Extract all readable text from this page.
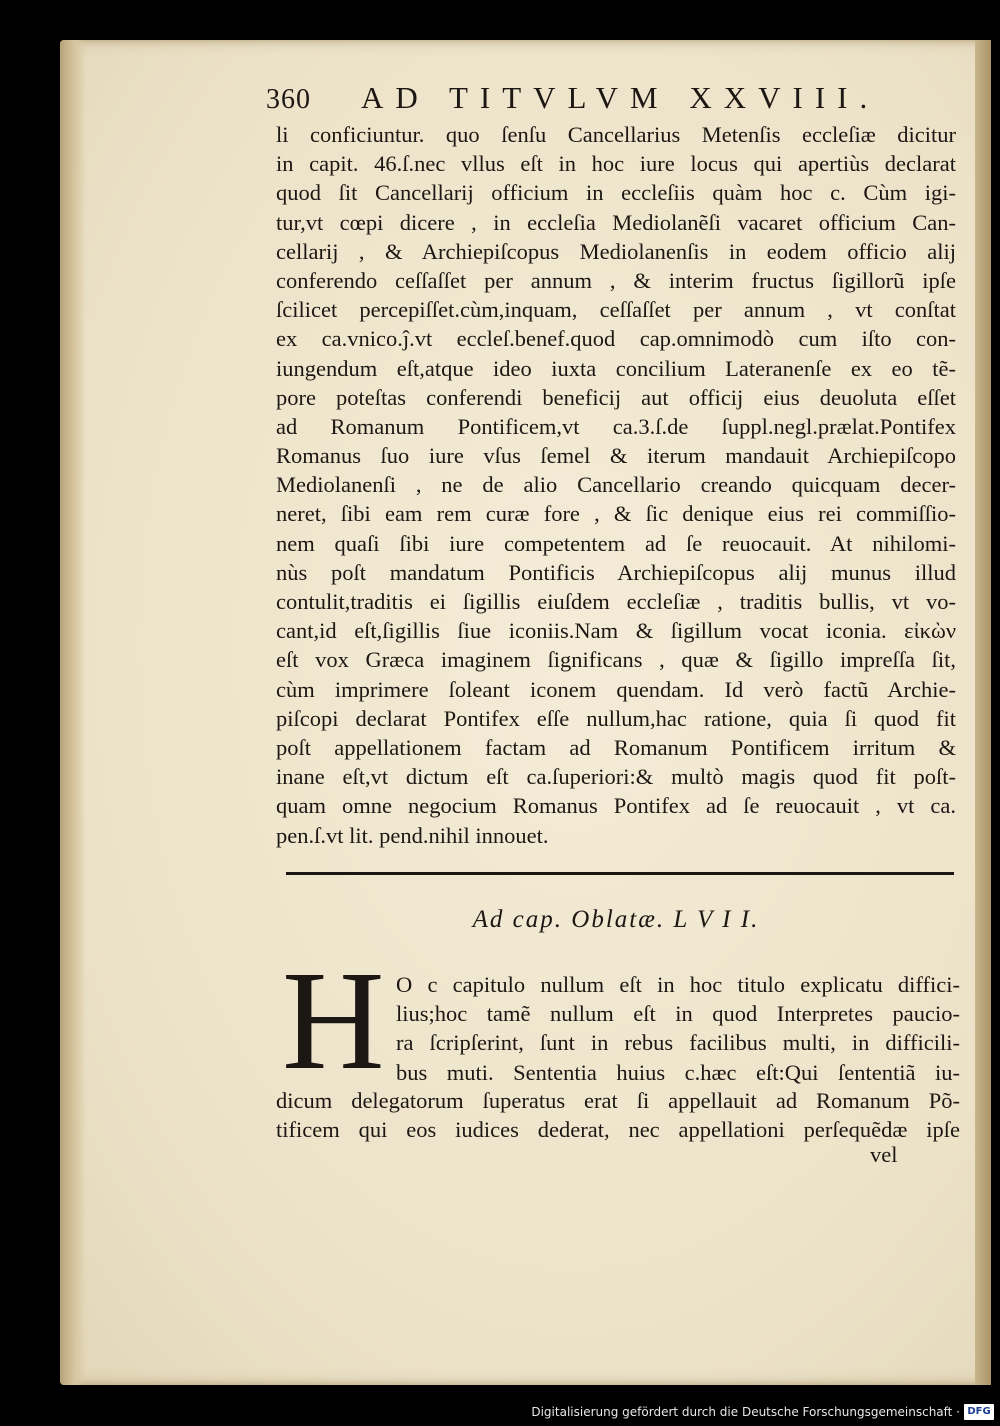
360 AD TITVLVM XXVIII.
li conficiuntur. quo ſenſu Cancellarius Metenſis eccleſiæ dicitur
in capit. 46.ſ.nec vllus eſt in hoc iure locus qui apertiùs declarat
quod ſit Cancellarij officium in eccleſiis quàm hoc c. Cùm igi-
tur,vt cœpi dicere , in eccleſia Mediolanẽſi vacaret officium Can-
cellarij , & Archiepiſcopus Mediolanenſis in eodem officio alij
conferendo ceſſaſſet per annum , & interim fructus ſigillorũ ipſe
ſcilicet percepiſſet.cùm,inquam, ceſſaſſet per annum , vt conſtat
ex ca.vnico.ĵ.vt eccleſ.benef.quod cap.omnimodò cum iſto con-
iungendum eſt,atque ideo iuxta concilium Lateranenſe ex eo tẽ-
pore poteſtas conferendi beneficij aut officij eius deuoluta eſſet
ad Romanum Pontificem,vt ca.3.ſ.de ſuppl.negl.prælat.Pontifex
Romanus ſuo iure vſus ſemel & iterum mandauit Archiepiſcopo
Mediolanenſi , ne de alio Cancellario creando quicquam decer-
neret, ſibi eam rem curæ fore , & ſic denique eius rei commiſſio-
nem quaſi ſibi iure competentem ad ſe reuocauit. At nihilomi-
nùs poſt mandatum Pontificis Archiepiſcopus alij munus illud
contulit,traditis ei ſigillis eiuſdem eccleſiæ , traditis bullis, vt vo-
cant,id eſt,ſigillis ſiue iconiis.Nam & ſigillum vocat iconia. εἰκὼν
eſt vox Græca imaginem ſignificans , quæ & ſigillo impreſſa ſit,
cùm imprimere ſoleant iconem quendam. Id verò factũ Archie-
piſcopi declarat Pontifex eſſe nullum,hac ratione, quia ſi quod fit
poſt appellationem factam ad Romanum Pontificem irritum &
inane eſt,vt dictum eſt ca.ſuperiori:& multò magis quod fit poſt-
quam omne negocium Romanus Pontifex ad ſe reuocauit , vt ca.
pen.ſ.vt lit. pend.nihil innouet.
Ad cap. Oblatæ. L V I I.
H O c capitulo nullum eſt in hoc titulo explicatu diffici-
lius;hoc tamẽ nullum eſt in quod Interpretes paucio-
ra ſcripſerint, ſunt in rebus facilibus multi, in difficili-
bus muti. Sententia huius c.hæc eſt:Qui ſententiã iu-
dicum delegatorum ſuperatus erat ſi appellauit ad Romanum Põ-
tificem qui eos iudices dederat, nec appellationi perſequẽdæ ipſe
vel
Digitalisierung gefördert durch die Deutsche Forschungsgemeinschaft · DFG
